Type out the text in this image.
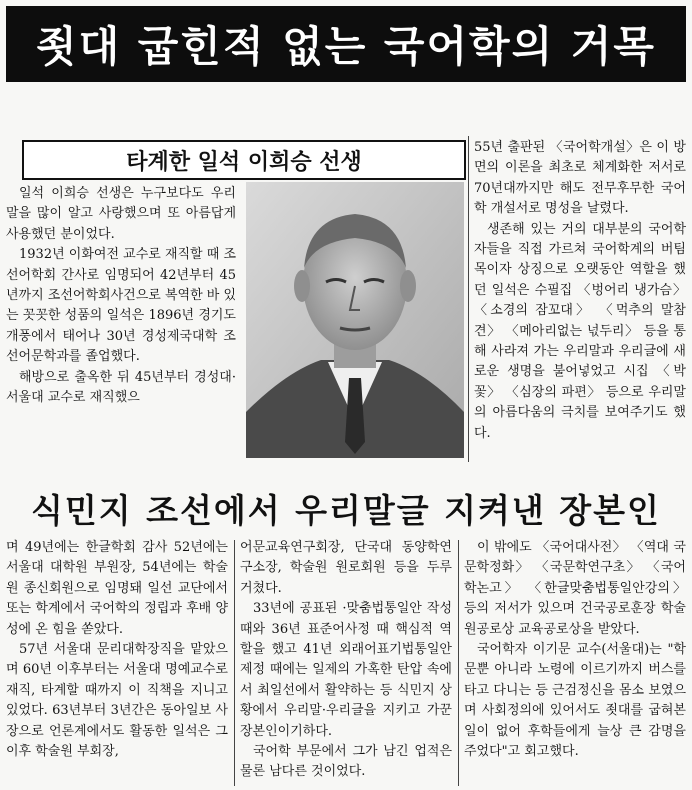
죗대 굽힌적 없는 국어학의 거목
타계한 일석 이희승 선생

일석 이희승 선생은 누구보다도 우리말을 많이 알고 사랑했으며 또 아름답게 사용했던 분이었다.

1932년 이화여전 교수로 재직할 때 조선어학회 간사로 임명되어 42년부터 45년까지 조선어학회사건으로 복역한 바 있는 꼿꼿한 성품의 일석은 1896년 경기도 개풍에서 태어나 30년 경성제국대학 조선어문학과를 졸업했다.

해방으로 출옥한 뒤 45년부터 경성대·서울대 교수로 재직했으

55년 출판된 〈국어학개설〉은 이 방면의 이론을 최초로 체계화한 저서로 70년대까지만 해도 전무후무한 국어학 개설서로 명성을 날렸다.

생존해 있는 거의 대부분의 국어학자들을 직접 가르쳐 국어학계의 버팀목이자 상징으로 오랫동안 역할을 했던 일석은 수필집 〈벙어리 냉가슴〉 〈소경의 잠꼬대〉 〈먹추의 말참견〉 〈메아리없는 넋두리〉 등을 통해 사라져 가는 우리말과 우리글에 새로운 생명을 불어넣었고 시집 〈박꽃〉 〈심장의 파편〉 등으로 우리말의 아름다움의 극치를 보여주기도 했다.

식민지 조선에서 우리말글 지켜낸 장본인

며 49년에는 한글학회 감사 52년에는 서울대 대학원 부원장, 54년에는 학술원 종신회원으로 임명돼 일선 교단에서 또는 학계에서 국어학의 정립과 후배 양성에 온 힘을 쏟았다.

57년 서울대 문리대학장직을 맡았으며 60년 이후부터는 서울대 명예교수로 재직, 타계할 때까지 이 직책을 지니고 있었다. 63년부터 3년간은 동아일보 사장으로 언론계에서도 활동한 일석은 그 이후 학술원 부회장,

어문교육연구회장, 단국대 동양학연구소장, 학술원 원로회원 등을 두루 거쳤다.

33년에 공표된 ·맞춤법통일안 작성 때와 36년 표준어사정 때 핵심적 역할을 했고 41년 외래어표기법통일안 제정 때에는 일제의 가혹한 탄압 속에서 최일선에서 활약하는 등 식민지 상황에서 우리말·우리글을 지키고 가꾼 장본인이기하다.

국어학 부문에서 그가 남긴 업적은 물론 남다른 것이었다.

이 밖에도 〈국어대사전〉 〈역대 국문학정화〉 〈국문학연구초〉 〈국어학논고〉 〈한글맞춤법통일안강의〉 등의 저서가 있으며 건국공로훈장 학술원공로상 교육공로상을 받았다.

국어학자 이기문 교수(서울대)는 "학문뿐 아니라 노령에 이르기까지 버스를 타고 다니는 등 근검정신을 몸소 보였으며 사회정의에 있어서도 죗대를 굽혀본 일이 없어 후학들에게 늘상 큰 감명을 주었다"고 회고했다.
